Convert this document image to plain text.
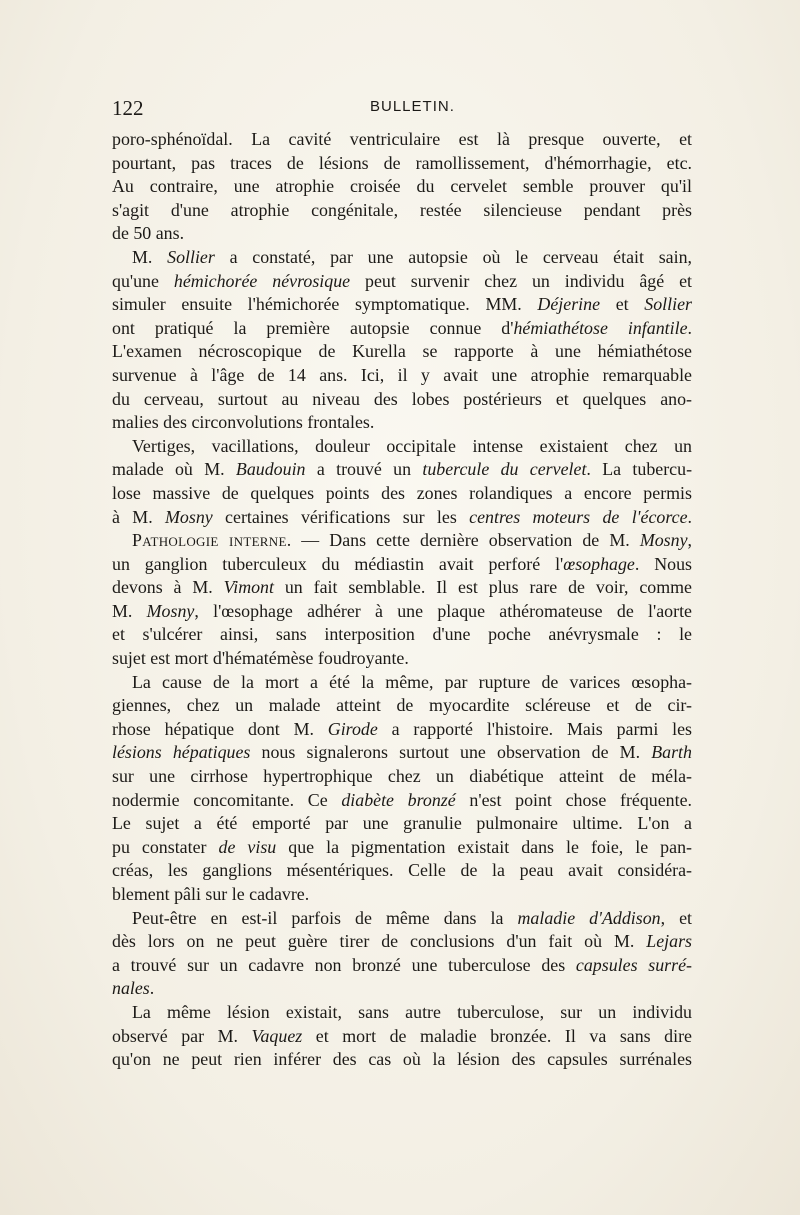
122	BULLETIN.
poro-sphénoïdal. La cavité ventriculaire est là presque ouverte, et
pourtant, pas traces de lésions de ramollissement, d'hémorrhagie, etc.
Au contraire, une atrophie croisée du cervelet semble prouver qu'il
s'agit d'une atrophie congénitale, restée silencieuse pendant près
de 50 ans.
M. Sollier a constaté, par une autopsie où le cerveau était sain,
qu'une hémichorée névrosique peut survenir chez un individu âgé et
simuler ensuite l'hémichorée symptomatique. MM. Déjerine et Sollier
ont pratiqué la première autopsie connue d'hémiathétose infantile.
L'examen nécroscopique de Kurella se rapporte à une hémiathétose
survenue à l'âge de 14 ans. Ici, il y avait une atrophie remarquable
du cerveau, surtout au niveau des lobes postérieurs et quelques ano-
malies des circonvolutions frontales.
Vertiges, vacillations, douleur occipitale intense existaient chez un
malade où M. Baudouin a trouvé un tubercule du cervelet. La tubercu-
lose massive de quelques points des zones rolandiques a encore permis
à M. Mosny certaines vérifications sur les centres moteurs de l'écorce.
Pathologie interne. — Dans cette dernière observation de M. Mosny,
un ganglion tuberculeux du médiastin avait perforé l'œsophage. Nous
devons à M. Vimont un fait semblable. Il est plus rare de voir, comme
M. Mosny, l'œsophage adhérer à une plaque athéromateuse de l'aorte
et s'ulcérer ainsi, sans interposition d'une poche anévrysmale : le
sujet est mort d'hématémèse foudroyante.
La cause de la mort a été la même, par rupture de varices œsopha-
giennes, chez un malade atteint de myocardite scléreuse et de cir-
rhose hépatique dont M. Girode a rapporté l'histoire. Mais parmi les
lésions hépatiques nous signalerons surtout une observation de M. Barth
sur une cirrhose hypertrophique chez un diabétique atteint de méla-
nodermie concomitante. Ce diabète bronzé n'est point chose fréquente.
Le sujet a été emporté par une granulie pulmonaire ultime. L'on a
pu constater de visu que la pigmentation existait dans le foie, le pan-
créas, les ganglions mésentériques. Celle de la peau avait considéra-
blement pâli sur le cadavre.
Peut-être en est-il parfois de même dans la maladie d'Addison, et
dès lors on ne peut guère tirer de conclusions d'un fait où M. Lejars
a trouvé sur un cadavre non bronzé une tuberculose des capsules surré-
nales.
La même lésion existait, sans autre tuberculose, sur un individu
observé par M. Vaquez et mort de maladie bronzée. Il va sans dire
qu'on ne peut rien inférer des cas où la lésion des capsules surrénales
